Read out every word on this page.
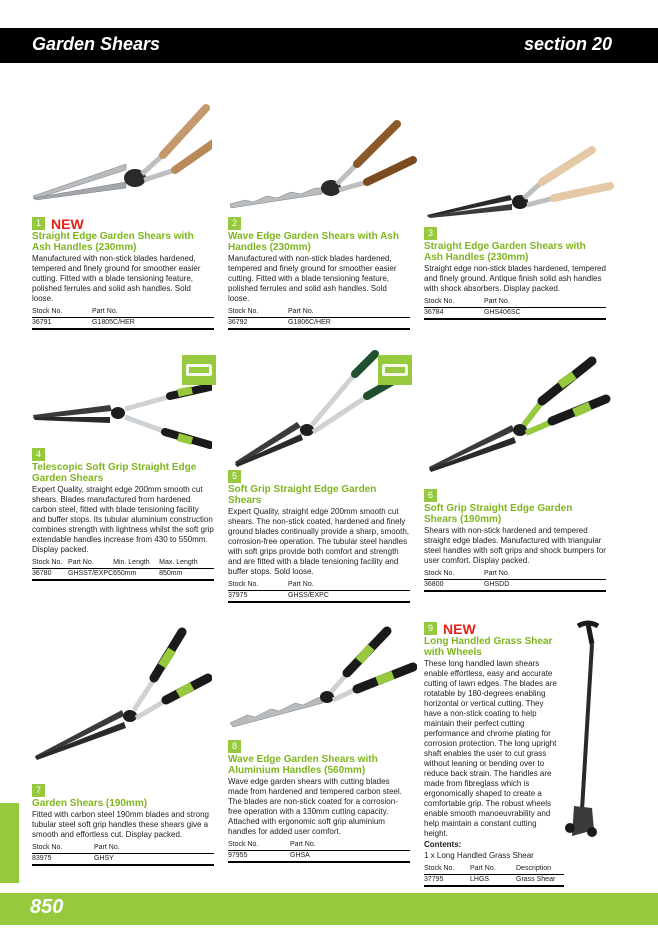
Garden Shears	section 20
1 NEW
Straight Edge Garden Shears with Ash Handles (230mm)
Manufactured with non-stick blades hardened, tempered and finely ground for smoother easier cutting. Fitted with a blade tensioning feature, polished ferrules and solid ash handles. Sold loose.
Stock No.	Part No.
36791	G1805C/HER
2
Wave Edge Garden Shears with Ash Handles (230mm)
Manufactured with non-stick blades hardened, tempered and finely ground for smoother easier cutting. Fitted with a blade tensioning feature, polished ferrules and solid ash handles. Sold loose.
Stock No.	Part No.
36792	G1806C/HER
3
Straight Edge Garden Shears with Ash Handles (230mm)
Straight edge non-stick blades hardened, tempered and finely ground. Antique finish solid ash handles with shock absorbers. Display packed.
Stock No.	Part No.
36784	GHS406SC
4
Telescopic Soft Grip Straight Edge Garden Shears
Expert Quality, straight edge 200mm smooth cut shears. Blades manufactured from hardened carbon steel, fitted with blade tensioning facility and buffer stops. Its tubular aluminium construction combines strength with lightness whilst the soft grip extendable handles increase from 430 to 550mm. Display packed.
Stock No.	Part No.	Min. Length	Max. Length
36780	GHSST/EXPC	650mm	850mm
5
Soft Grip Straight Edge Garden Shears
Expert Quality, straight edge 200mm smooth cut shears. The non-stick coated, hardened and finely ground blades continually provide a sharp, smooth, corrosion-free operation. The tubular steel handles with soft grips provide both comfort and strength and are fitted with a blade tensioning facility and buffer stops. Sold loose.
Stock No.	Part No.
37975	GHSS/EXPC
6
Soft Grip Straight Edge Garden Shears (190mm)
Shears with non-stick hardened and tempered straight edge blades. Manufactured with triangular steel handles with soft grips and shock bumpers for user comfort. Display packed.
Stock No.	Part No.
36800	GHSDD
7
Garden Shears (190mm)
Fitted with carbon steel 190mm blades and strong tubular steel soft grip handles these shears give a smooth and effortless cut. Display packed.
Stock No.	Part No.
83975	GHSY
8
Wave Edge Garden Shears with Aluminium Handles (560mm)
Wave edge garden shears with cutting blades made from hardened and tempered carbon steel. The blades are non-stick coated for a corrosion-free operation with a 130mm cutting capacity. Attached with ergonomic soft grip aluminium handles for added user comfort.
Stock No.	Part No.
97955	GHSA
9 NEW
Long Handled Grass Shear with Wheels
These long handled lawn shears enable effortless, easy and accurate cutting of lawn edges. The blades are rotatable by 180-degrees enabling horizontal or vertical cutting. They have a non-stick coating to help maintain their perfect cutting performance and chrome plating for corrosion protection. The long upright shaft enables the user to cut grass without leaning or bending over to reduce back strain. The handles are made from fibreglass which is ergonomically shaped to create a comfortable grip. The robust wheels enable smooth manoeuvrability and help maintain a constant cutting height.
Contents:
1 x Long Handled Grass Shear
Stock No.	Part No.	Description
37795	LHGS	Grass Shear
850
